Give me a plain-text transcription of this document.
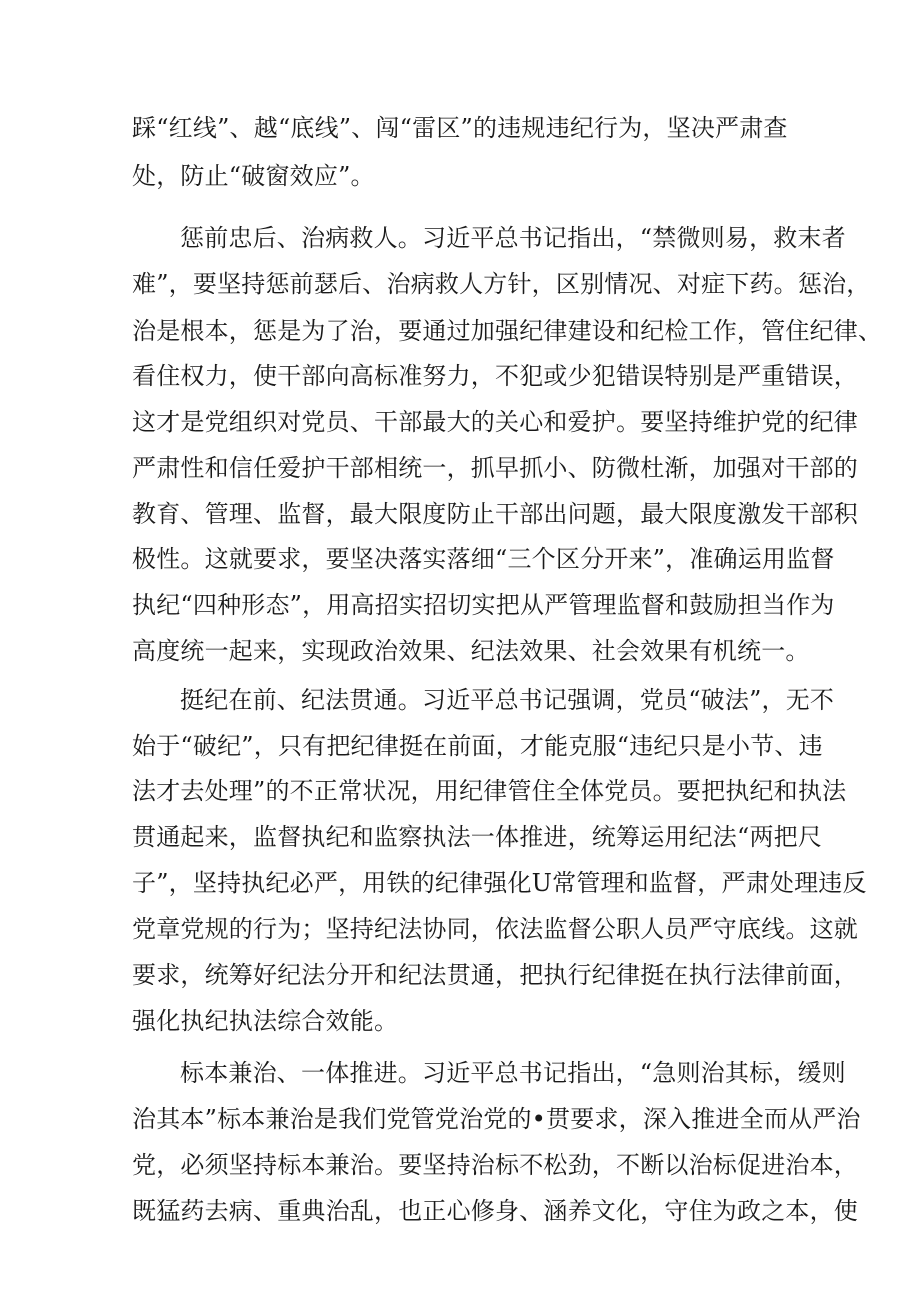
踩“红线”、越“底线”、闯“雷区”的违规违纪行为，坚决严肃查
处，防止“破窗效应”。
惩前忠后、治病救人。习近平总书记指出，“禁微则易，救末者
难”，要坚持惩前瑟后、治病救人方针，区别情况、对症下药。惩治，
治是根本，惩是为了治，要通过加强纪律建设和纪检工作，管住纪律、
看住权力，使干部向高标准努力，不犯或少犯错误特别是严重错误，
这才是党组织对党员、干部最大的关心和爱护。要坚持维护党的纪律
严肃性和信任爱护干部相统一，抓早抓小、防微杜渐，加强对干部的
教育、管理、监督，最大限度防止干部出问题，最大限度激发干部积
极性。这就要求，要坚决落实落细“三个区分开来”，准确运用监督
执纪“四种形态”，用高招实招切实把从严管理监督和鼓励担当作为
高度统一起来，实现政治效果、纪法效果、社会效果有机统一。
挺纪在前、纪法贯通。习近平总书记强调，党员“破法”，无不
始于“破纪”，只有把纪律挺在前面，才能克服“违纪只是小节、违
法才去处理”的不正常状况，用纪律管住全体党员。要把执纪和执法
贯通起来，监督执纪和监察执法一体推进，统筹运用纪法“两把尺
子”，坚持执纪必严，用铁的纪律强化U常管理和监督，严肃处理违反
党章党规的行为；坚持纪法协同，依法监督公职人员严守底线。这就
要求，统筹好纪法分开和纪法贯通，把执行纪律挺在执行法律前面，
强化执纪执法综合效能。
标本兼治、一体推进。习近平总书记指出，“急则治其标，缓则
治其本”标本兼治是我们党管党治党的•贯要求，深入推进全而从严治
党，必须坚持标本兼治。要坚持治标不松劲，不断以治标促进治本，
既猛药去病、重典治乱，也正心修身、涵养文化，守住为政之本，使
